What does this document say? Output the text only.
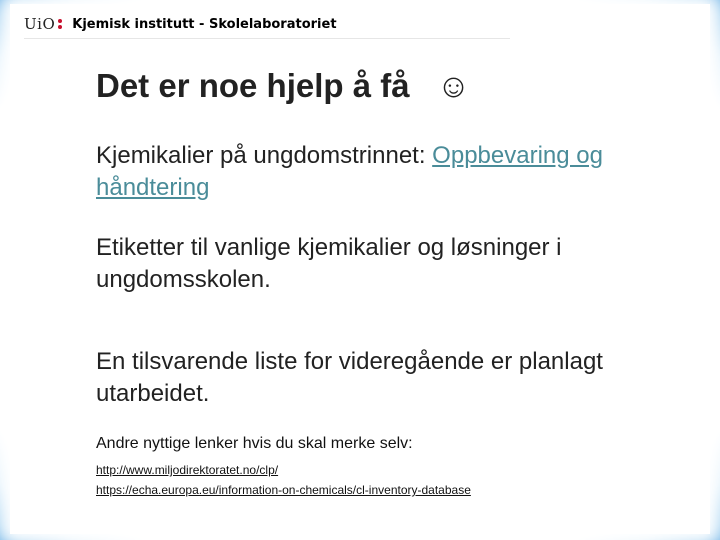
UiO Kjemisk institutt - Skolelaboratoriet
Det er noe hjelp å få ☺

Kjemikalier på ungdomstrinnet: Oppbevaring og håndtering

Etiketter til vanlige kjemikalier og løsninger i ungdomsskolen.

En tilsvarende liste for videregående er planlagt utarbeidet.

Andre nyttige lenker hvis du skal merke selv:

http://www.miljodirektoratet.no/clp/
https://echa.europa.eu/information-on-chemicals/cl-inventory-database
